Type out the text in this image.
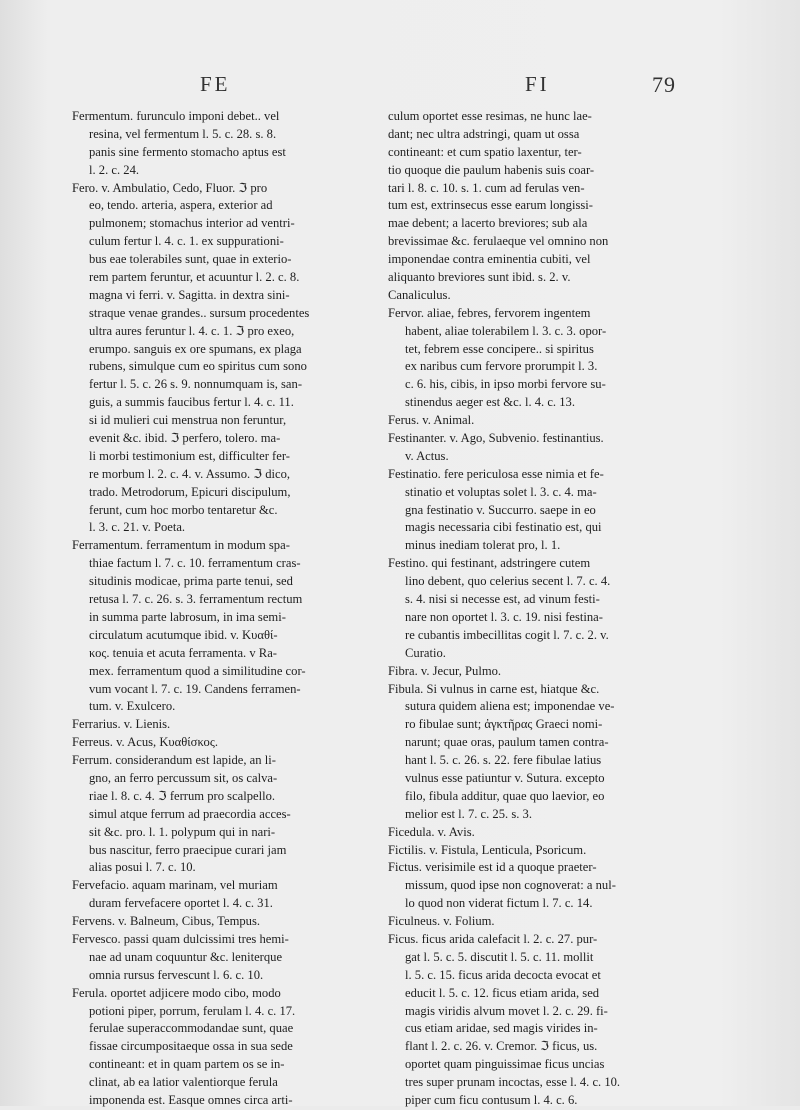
FE	FI	79
Fermentum. furunculo imponi debet.. vel
resina, vel fermentum l. 5. c. 28. s. 8.
panis sine fermento stomacho aptus est
l. 2. c. 24.
Fero. v. Ambulatio, Cedo, Fluor. ℑ pro
eo, tendo. arteria, aspera, exterior ad
pulmonem; stomachus interior ad ventri-
culum fertur l. 4. c. 1. ex suppurationi-
bus eae tolerabiles sunt, quae in exterio-
rem partem feruntur, et acuuntur l. 2. c. 8.
magna vi ferri. v. Sagitta. in dextra sini-
straque venae grandes.. sursum procedentes
ultra aures feruntur l. 4. c. 1. ℑ pro exeo,
erumpo. sanguis ex ore spumans, ex plaga
rubens, simulque cum eo spiritus cum sono
fertur l. 5. c. 26 s. 9. nonnumquam is, san-
guis, a summis faucibus fertur l. 4. c. 11.
si id mulieri cui menstrua non feruntur,
evenit &c. ibid. ℑ perfero, tolero. ma-
li morbi testimonium est, difficulter fer-
re morbum l. 2. c. 4. v. Assumo. ℑ dico,
trado. Metrodorum, Epicuri discipulum,
ferunt, cum hoc morbo tentaretur &c.
l. 3. c. 21. v. Poeta.
Ferramentum. ferramentum in modum spa-
thiae factum l. 7. c. 10. ferramentum cras-
situdinis modicae, prima parte tenui, sed
retusa l. 7. c. 26. s. 3. ferramentum rectum
in summa parte labrosum, in ima semi-
circulatum acutumque ibid. v. Κυαθί-
κος. tenuia et acuta ferramenta. v Ra-
mex. ferramentum quod a similitudine cor-
vum vocant l. 7. c. 19. Candens ferramen-
tum. v. Exulcero.
Ferrarius. v. Lienis.
Ferreus. v. Acus, Κυαθίσκος.
Ferrum. considerandum est lapide, an li-
gno, an ferro percussum sit, os calva-
riae l. 8. c. 4. ℑ ferrum pro scalpello.
simul atque ferrum ad praecordia acces-
sit &c. pro. l. 1. polypum qui in nari-
bus nascitur, ferro praecipue curari jam
alias posui l. 7. c. 10.
Fervefacio. aquam marinam, vel muriam
duram fervefacere oportet l. 4. c. 31.
Fervens. v. Balneum, Cibus, Tempus.
Fervesco. passi quam dulcissimi tres hemi-
nae ad unam coquuntur &c. leniterque
omnia rursus fervescunt l. 6. c. 10.
Ferula. oportet adjicere modo cibo, modo
potioni piper, porrum, ferulam l. 4. c. 17.
ferulae superaccommodandae sunt, quae
fissae circumpositaeque ossa in sua sede
contineant: et in quam partem os se in-
clinat, ab ea latior valentiorque ferula
imponenda est. Easque omnes circa arti-
culum oportet esse resimas, ne hunc lae-
dant; nec ultra adstringi, quam ut ossa
contineant: et cum spatio laxentur, ter-
tio quoque die paulum habenis suis coar-
tari l. 8. c. 10. s. 1. cum ad ferulas ven-
tum est, extrinsecus esse earum longissi-
mae debent; a lacerto breviores; sub ala
brevissimae &c. ferulaeque vel omnino non
imponendae contra eminentia cubiti, vel
aliquanto breviores sunt ibid. s. 2. v.
Canaliculus.
Fervor. aliae, febres, fervorem ingentem
habent, aliae tolerabilem l. 3. c. 3. opor-
tet, febrem esse concipere.. si spiritus
ex naribus cum fervore prorumpit l. 3.
c. 6. his, cibis, in ipso morbi fervore su-
stinendus aeger est &c. l. 4. c. 13.
Ferus. v. Animal.
Festinanter. v. Ago, Subvenio. festinantius.
v. Actus.
Festinatio. fere periculosa esse nimia et fe-
stinatio et voluptas solet l. 3. c. 4. ma-
gna festinatio v. Succurro. saepe in eo
magis necessaria cibi festinatio est, qui
minus inediam tolerat pro, l. 1.
Festino. qui festinant, adstringere cutem
lino debent, quo celerius secent l. 7. c. 4.
s. 4. nisi si necesse est, ad vinum festi-
nare non oportet l. 3. c. 19. nisi festina-
re cubantis imbecillitas cogit l. 7. c. 2. v.
Curatio.
Fibra. v. Jecur, Pulmo.
Fibula. Si vulnus in carne est, hiatque &c.
sutura quidem aliena est; imponendae ve-
ro fibulae sunt; ἀγκτῆρας Graeci nomi-
narunt; quae oras, paulum tamen contra-
hant l. 5. c. 26. s. 22. fere fibulae latius
vulnus esse patiuntur v. Sutura. excepto
filo, fibula additur, quae quo laevior, eo
melior est l. 7. c. 25. s. 3.
Ficedula. v. Avis.
Fictilis. v. Fistula, Lenticula, Psoricum.
Fictus. verisimile est id a quoque praeter-
missum, quod ipse non cognoverat: a nul-
lo quod non viderat fictum l. 7. c. 14.
Ficulneus. v. Folium.
Ficus. ficus arida calefacit l. 2. c. 27. pur-
gat l. 5. c. 5. discutit l. 5. c. 11. mollit
l. 5. c. 15. ficus arida decocta evocat et
educit l. 5. c. 12. ficus etiam arida, sed
magis viridis alvum movet l. 2. c. 29. fi-
cus etiam aridae, sed magis virides in-
flant l. 2. c. 26. v. Cremor. ℑ ficus, us.
oportet quam pinguissimae ficus uncias
tres super prunam incoctas, esse l. 4. c. 10.
piper cum ficu contusum l. 4. c. 6.
